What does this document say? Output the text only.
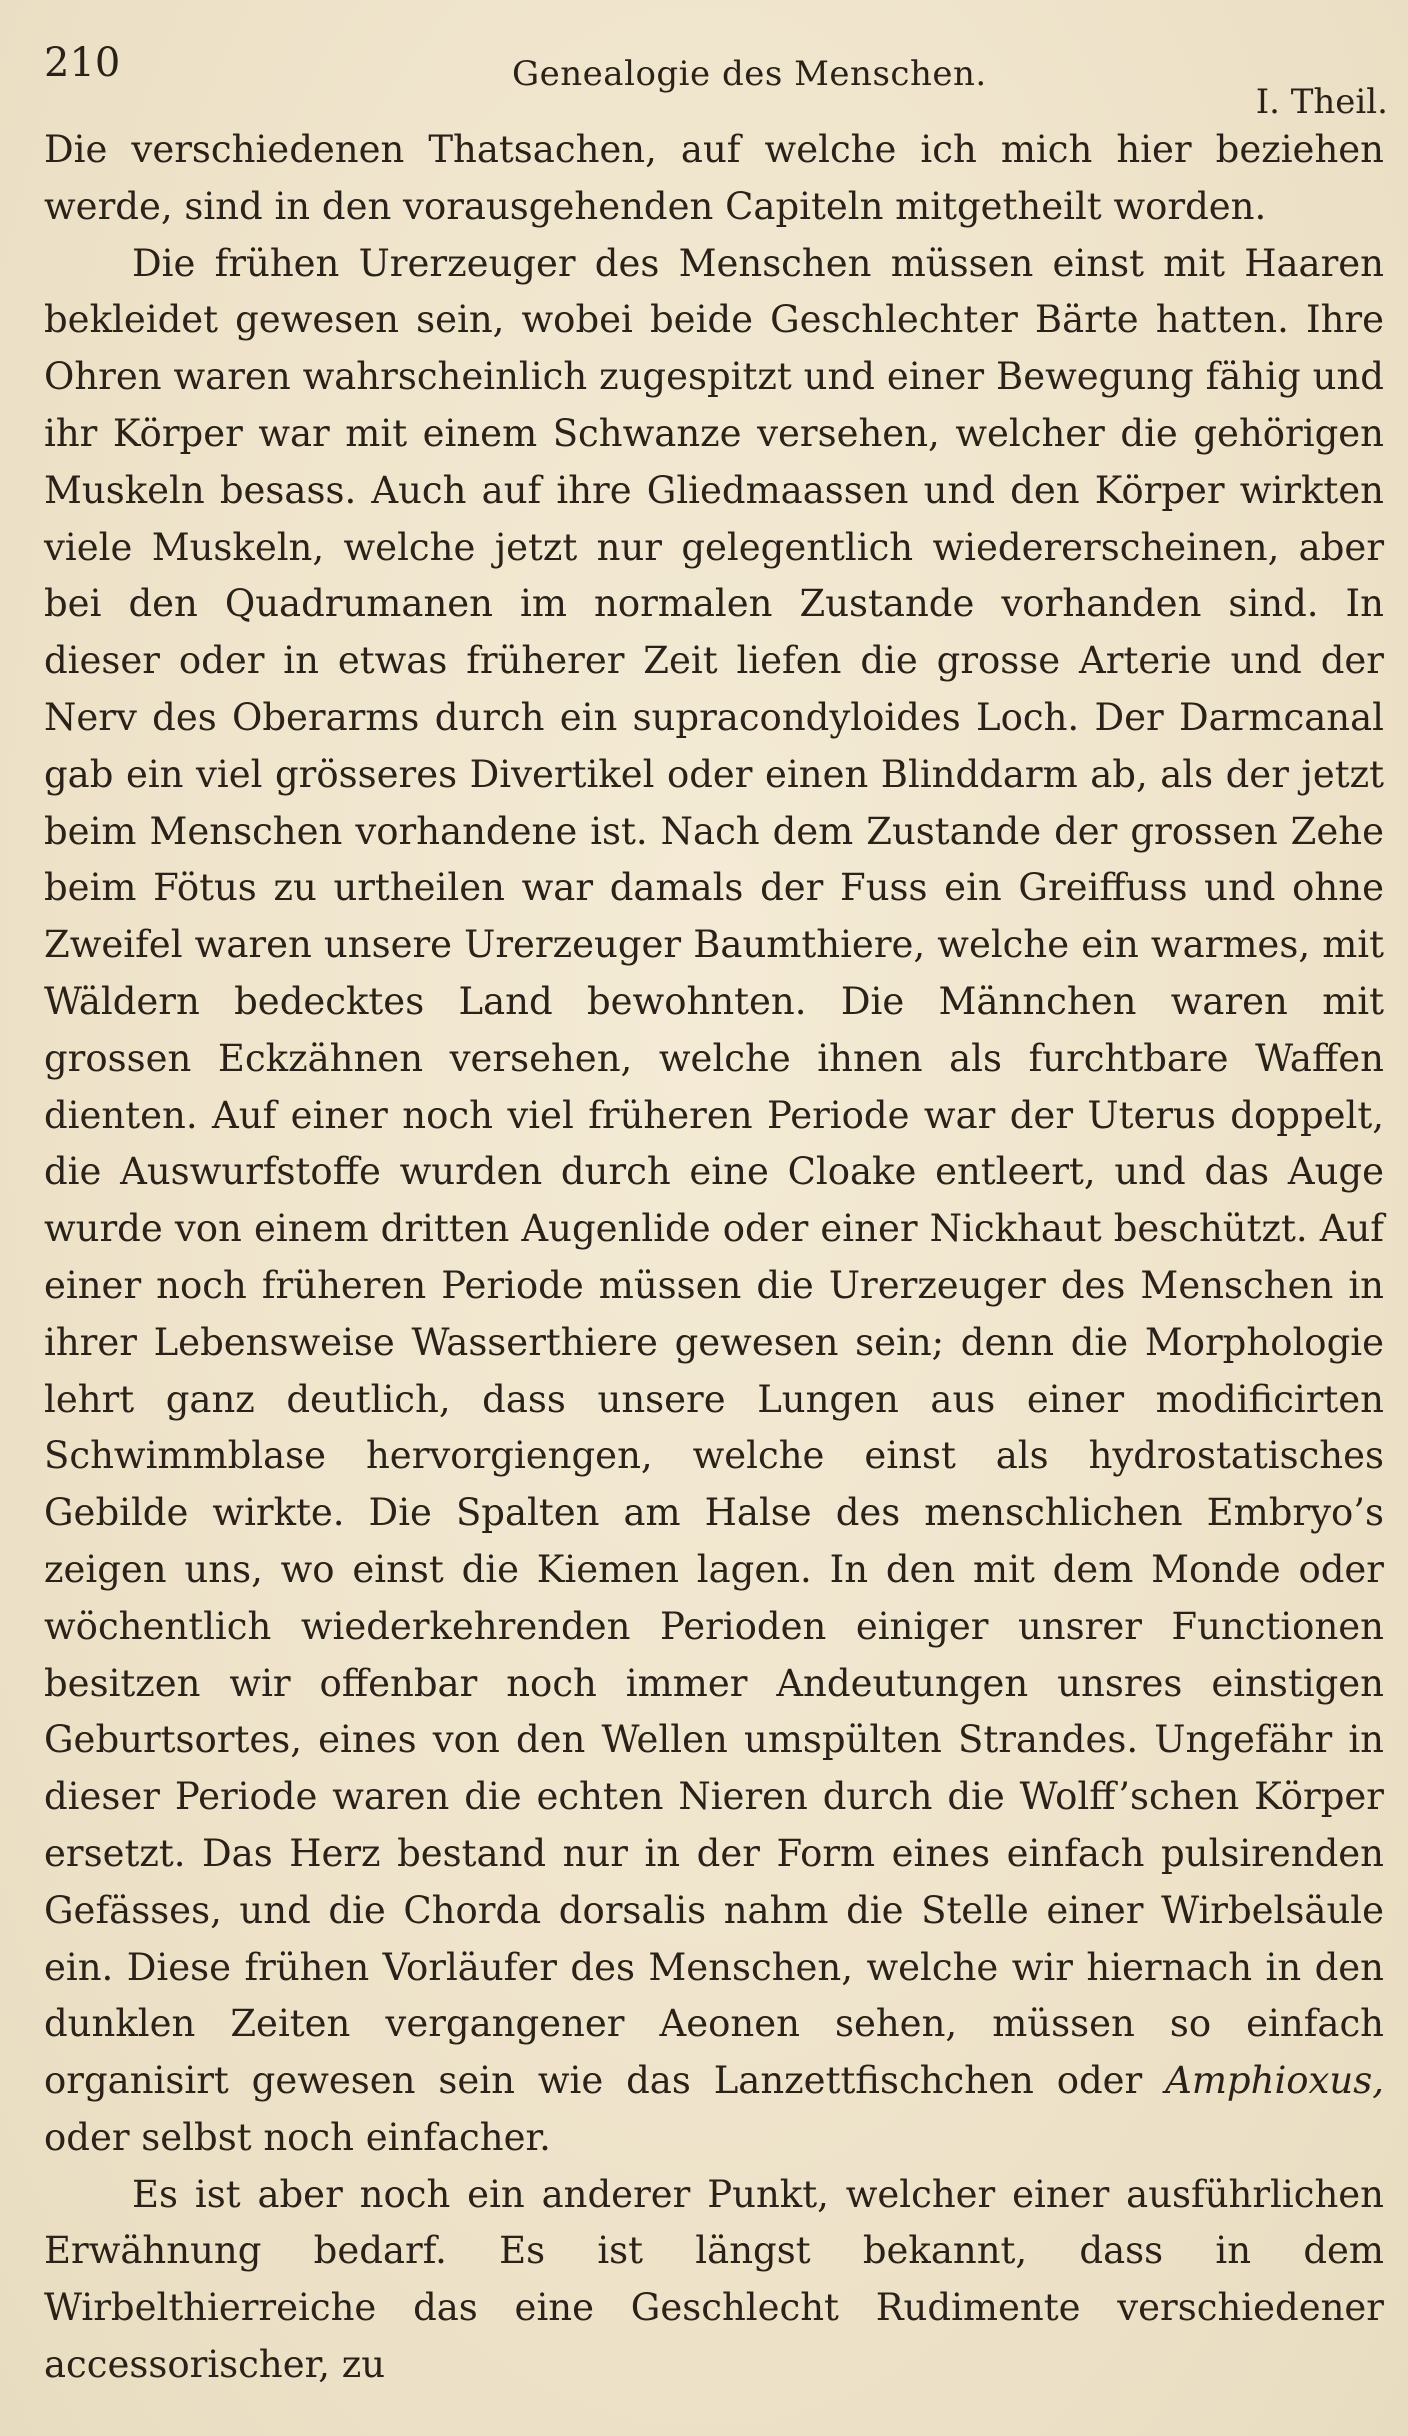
210	Genealogie des Menschen.
I. Theil.

Die verschiedenen Thatsachen, auf welche ich mich hier beziehen werde, sind in den vorausgehenden Capiteln mitgetheilt worden.

Die frühen Urerzeuger des Menschen müssen einst mit Haaren bekleidet gewesen sein, wobei beide Geschlechter Bärte hatten. Ihre Ohren waren wahrscheinlich zugespitzt und einer Bewegung fähig und ihr Körper war mit einem Schwanze versehen, welcher die gehörigen Muskeln besass. Auch auf ihre Gliedmaassen und den Körper wirkten viele Muskeln, welche jetzt nur gelegentlich wiedererscheinen, aber bei den Quadrumanen im normalen Zustande vorhanden sind. In dieser oder in etwas früherer Zeit liefen die grosse Arterie und der Nerv des Oberarms durch ein supracondyloides Loch. Der Darmcanal gab ein viel grösseres Divertikel oder einen Blinddarm ab, als der jetzt beim Menschen vorhandene ist. Nach dem Zustande der grossen Zehe beim Fötus zu urtheilen war damals der Fuss ein Greiffuss und ohne Zweifel waren unsere Urerzeuger Baumthiere, welche ein warmes, mit Wäldern bedecktes Land bewohnten. Die Männchen waren mit grossen Eckzähnen versehen, welche ihnen als furchtbare Waffen dienten. Auf einer noch viel früheren Periode war der Uterus doppelt, die Auswurfstoffe wurden durch eine Cloake entleert, und das Auge wurde von einem dritten Augenlide oder einer Nickhaut beschützt. Auf einer noch früheren Periode müssen die Urerzeuger des Menschen in ihrer Lebensweise Wasserthiere gewesen sein; denn die Morphologie lehrt ganz deutlich, dass unsere Lungen aus einer modificirten Schwimmblase hervorgiengen, welche einst als hydrostatisches Gebilde wirkte. Die Spalten am Halse des menschlichen Embryo’s zeigen uns, wo einst die Kiemen lagen. In den mit dem Monde oder wöchentlich wiederkehrenden Perioden einiger unsrer Functionen besitzen wir offenbar noch immer Andeutungen unsres einstigen Geburtsortes, eines von den Wellen umspülten Strandes. Ungefähr in dieser Periode waren die echten Nieren durch die Wolff’schen Körper ersetzt. Das Herz bestand nur in der Form eines einfach pulsirenden Gefässes, und die Chorda dorsalis nahm die Stelle einer Wirbelsäule ein. Diese frühen Vorläufer des Menschen, welche wir hiernach in den dunklen Zeiten vergangener Aeonen sehen, müssen so einfach organisirt gewesen sein wie das Lanzettfischchen oder Amphioxus, oder selbst noch einfacher.

Es ist aber noch ein anderer Punkt, welcher einer ausführlichen Erwähnung bedarf. Es ist längst bekannt, dass in dem Wirbelthierreiche das eine Geschlecht Rudimente verschiedener accessorischer, zu
